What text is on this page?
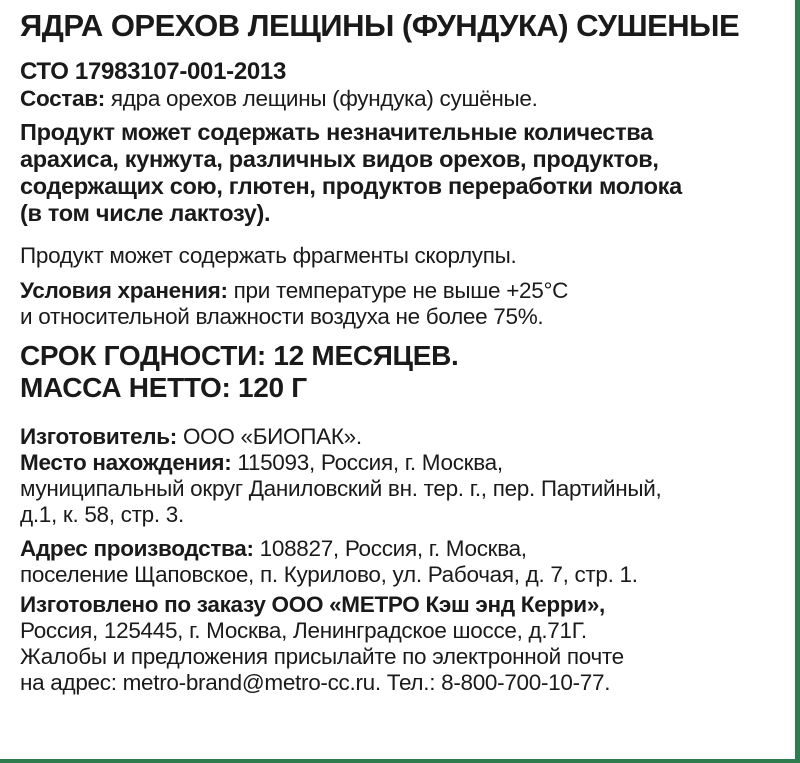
ЯДРА ОРЕХОВ ЛЕЩИНЫ (ФУНДУКА) СУШЕНЫЕ
СТО 17983107-001-2013
Состав: ядра орехов лещины (фундука) сушёные.
Продукт может содержать незначительные количества
арахиса, кунжута, различных видов орехов, продуктов,
содержащих сою, глютен, продуктов переработки молока
(в том числе лактозу).
Продукт может содержать фрагменты скорлупы.
Условия хранения: при температуре не выше +25°С
и относительной влажности воздуха не более 75%.
СРОК ГОДНОСТИ: 12 МЕСЯЦЕВ.
МАССА НЕТТО: 120 Г
Изготовитель: ООО «БИОПАК».
Место нахождения: 115093, Россия, г. Москва,
муниципальный округ Даниловский вн. тер. г., пер. Партийный,
д.1, к. 58, стр. 3.
Адрес производства: 108827, Россия, г. Москва,
поселение Щаповское, п. Курилово, ул. Рабочая, д. 7, стр. 1.
Изготовлено по заказу ООО «МЕТРО Кэш энд Керри»,
Россия, 125445, г. Москва, Ленинградское шоссе, д.71Г.
Жалобы и предложения присылайте по электронной почте
на адрес: metro-brand@metro-cc.ru. Тел.: 8-800-700-10-77.
